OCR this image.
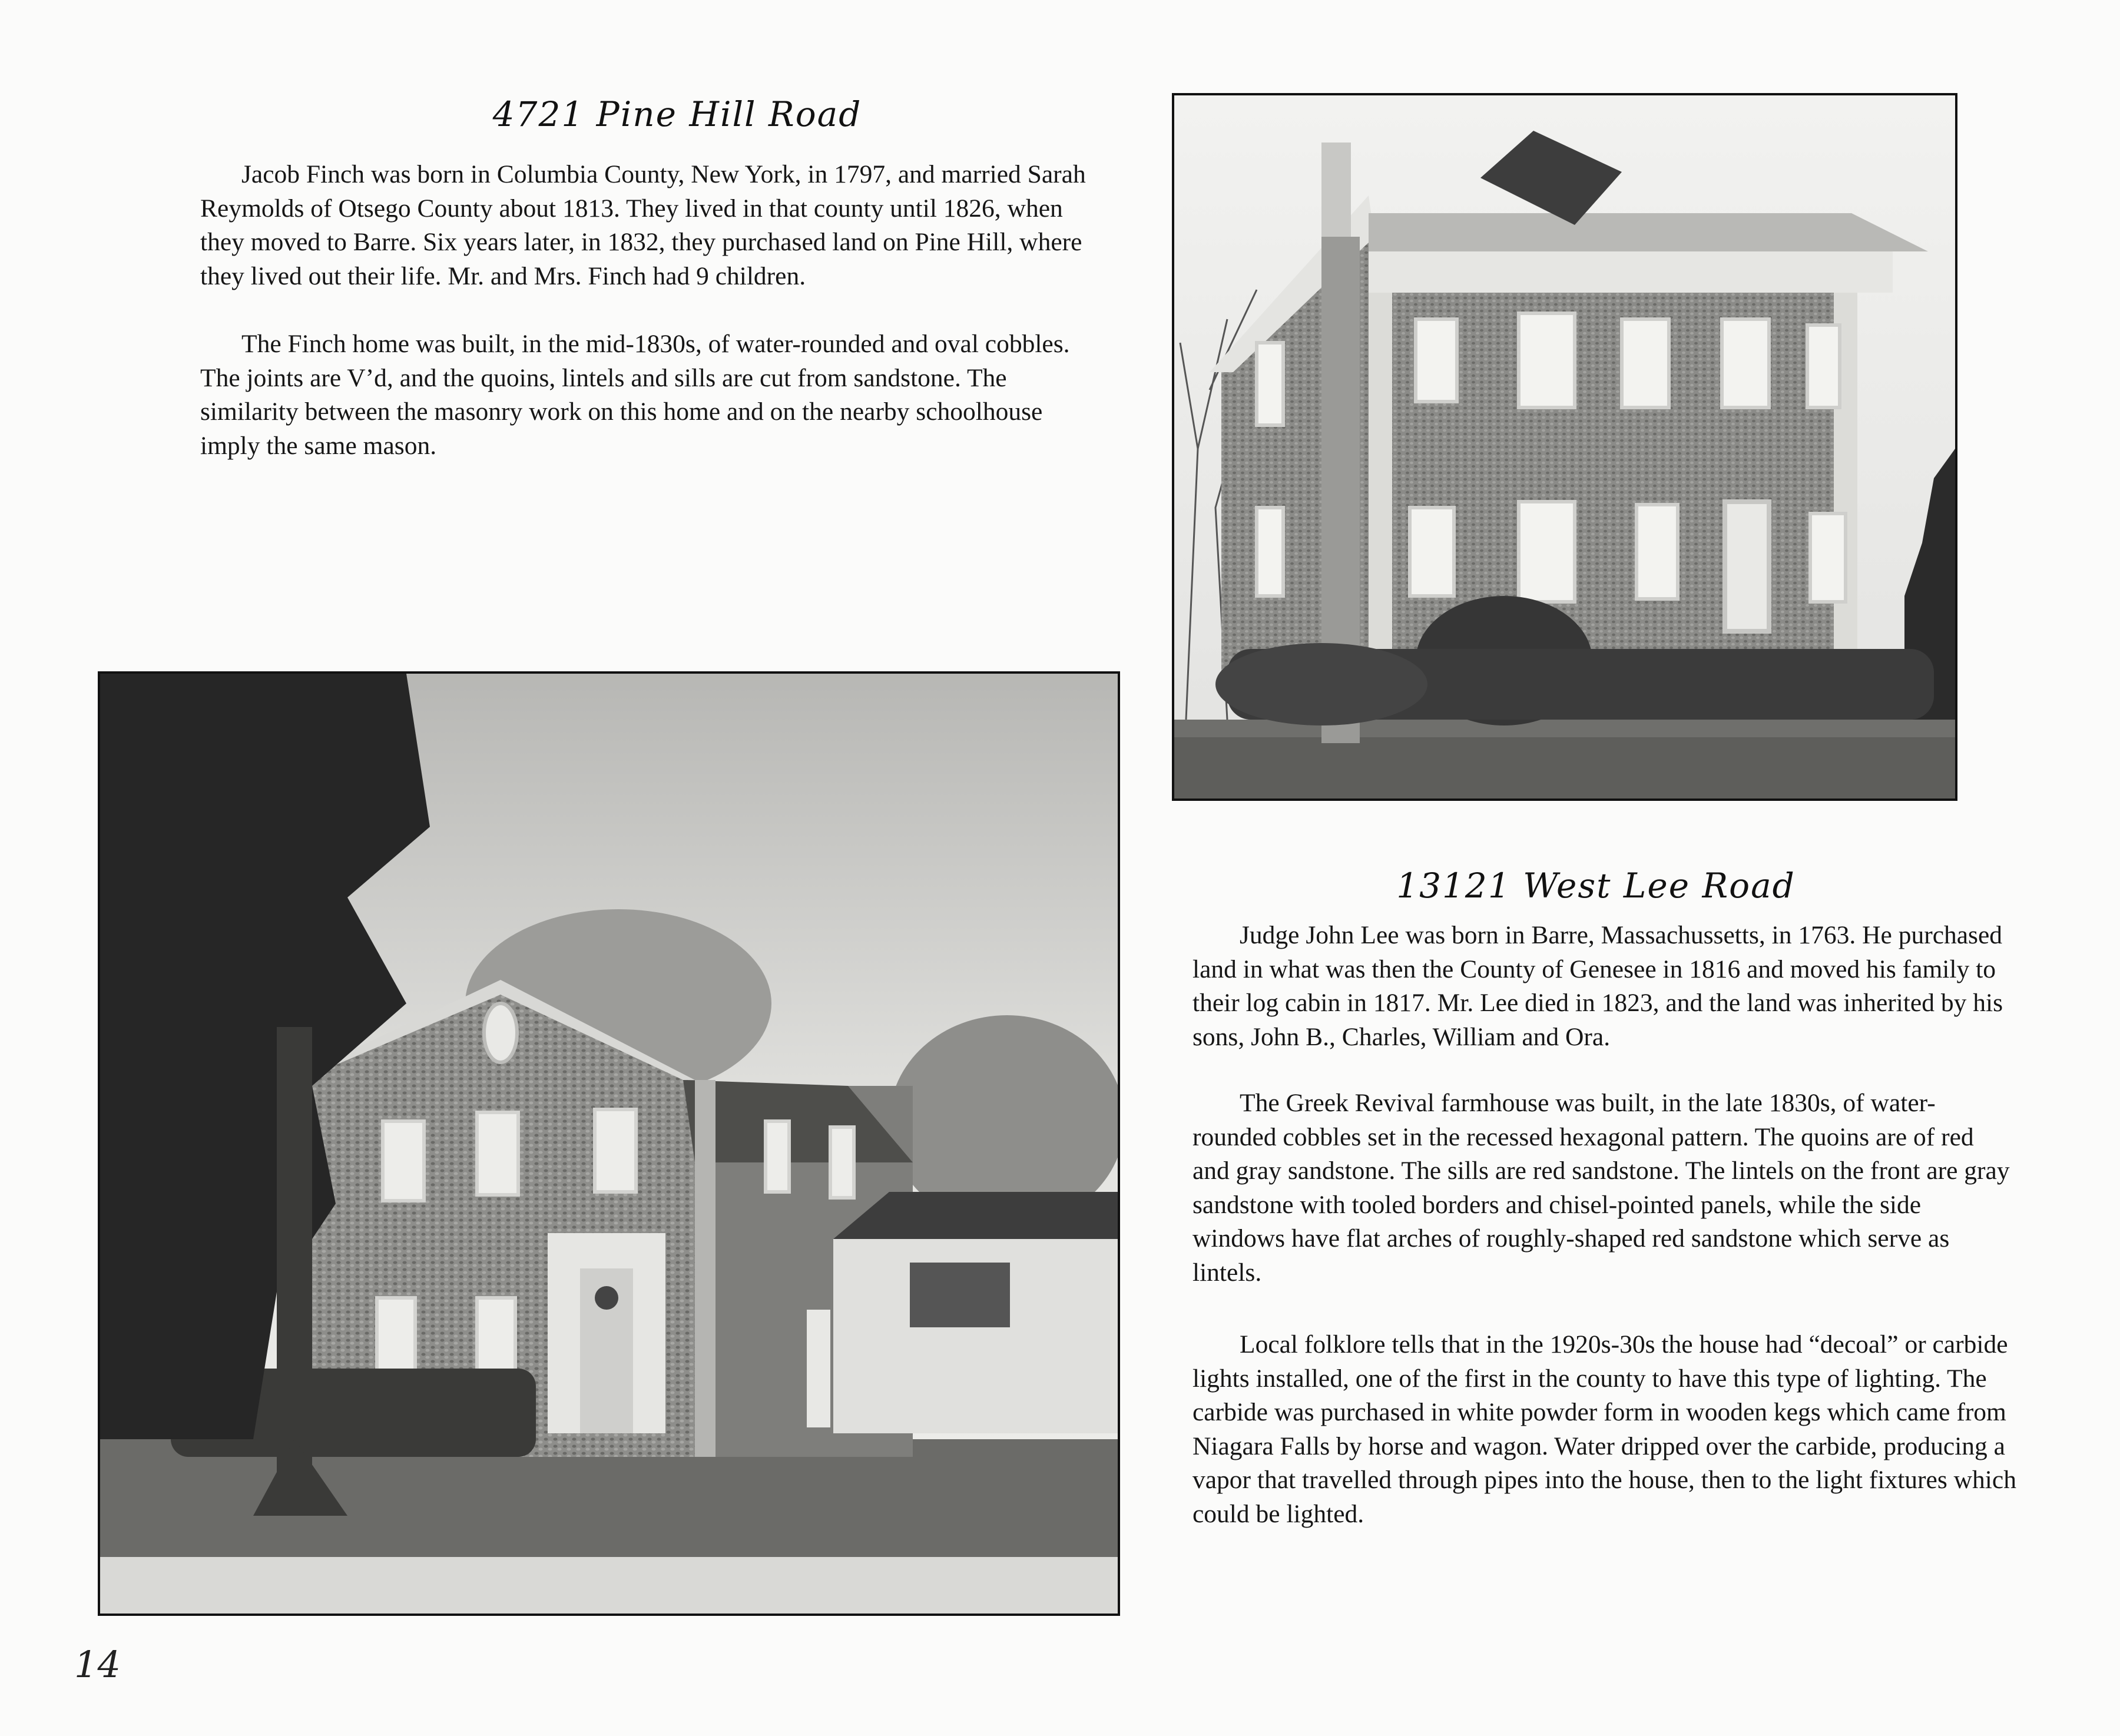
4721 Pine Hill Road

Jacob Finch was born in Columbia County, New York, in 1797, and married Sarah Reymolds of Otsego County about 1813. They lived in that county until 1826, when they moved to Barre. Six years later, in 1832, they purchased land on Pine Hill, where they lived out their life. Mr. and Mrs. Finch had 9 children.

The Finch home was built, in the mid-1830s, of water-rounded and oval cobbles. The joints are V’d, and the quoins, lintels and sills are cut from sandstone. The similarity between the masonry work on this home and on the nearby schoolhouse imply the same mason.

13121 West Lee Road

Judge John Lee was born in Barre, Massachussetts, in 1763. He purchased land in what was then the County of Genesee in 1816 and moved his family to their log cabin in 1817. Mr. Lee died in 1823, and the land was inherited by his sons, John B., Charles, William and Ora.

The Greek Revival farmhouse was built, in the late 1830s, of water-rounded cobbles set in the recessed hexagonal pattern. The quoins are of red and gray sandstone. The sills are red sandstone. The lintels on the front are gray sandstone with tooled borders and chisel-pointed panels, while the side windows have flat arches of roughly-shaped red sandstone which serve as lintels.

Local folklore tells that in the 1920s-30s the house had “decoal” or carbide lights installed, one of the first in the county to have this type of lighting. The carbide was purchased in white powder form in wooden kegs which came from Niagara Falls by horse and wagon. Water dripped over the carbide, producing a vapor that travelled through pipes into the house, then to the light fixtures which could be lighted.

14
